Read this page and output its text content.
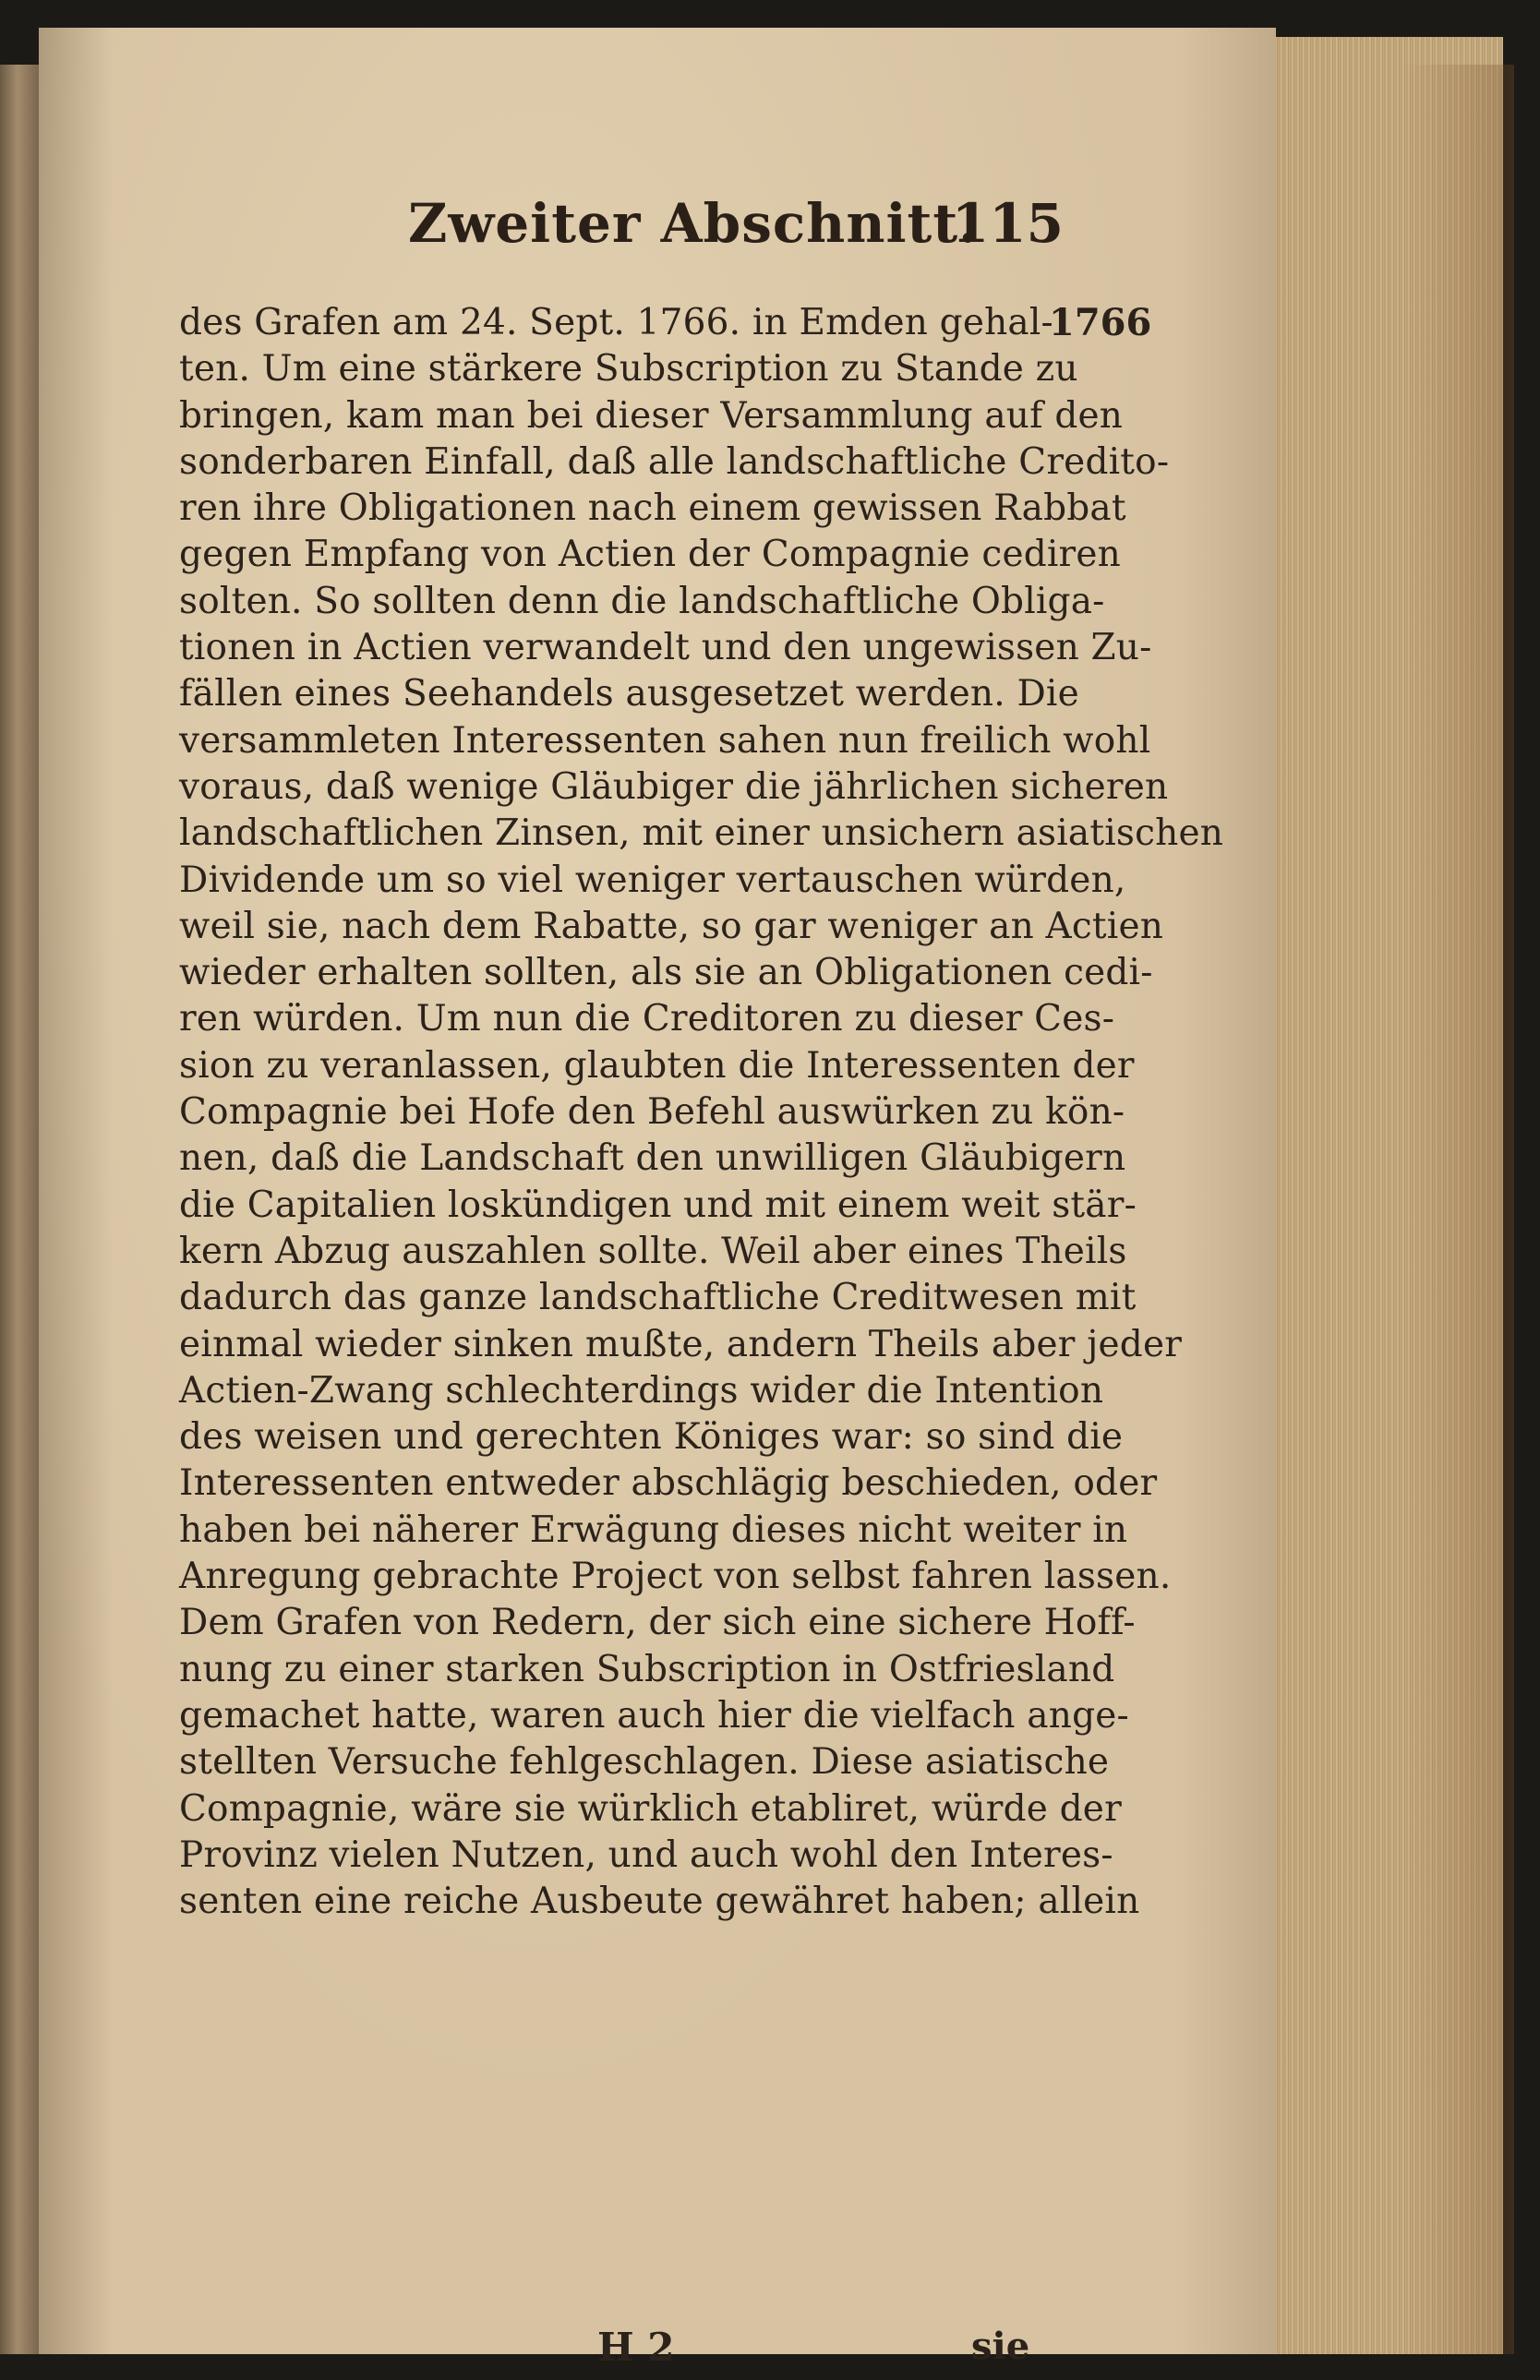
Zweiter Abschnitt.
115
1766
des Grafen am 24. Sept. 1766. in Emden gehal-
ten. Um eine stärkere Subscription zu Stande zu
bringen, kam man bei dieser Versammlung auf den
sonderbaren Einfall, daß alle landschaftliche Credito-
ren ihre Obligationen nach einem gewissen Rabbat
gegen Empfang von Actien der Compagnie cediren
solten. So sollten denn die landschaftliche Obliga-
tionen in Actien verwandelt und den ungewissen Zu-
fällen eines Seehandels ausgesetzet werden. Die
versammleten Interessenten sahen nun freilich wohl
voraus, daß wenige Gläubiger die jährlichen sicheren
landschaftlichen Zinsen, mit einer unsichern asiatischen
Dividende um so viel weniger vertauschen würden,
weil sie, nach dem Rabatte, so gar weniger an Actien
wieder erhalten sollten, als sie an Obligationen cedi-
ren würden. Um nun die Creditoren zu dieser Ces-
sion zu veranlassen, glaubten die Interessenten der
Compagnie bei Hofe den Befehl auswürken zu kön-
nen, daß die Landschaft den unwilligen Gläubigern
die Capitalien loskündigen und mit einem weit stär-
kern Abzug auszahlen sollte. Weil aber eines Theils
dadurch das ganze landschaftliche Creditwesen mit
einmal wieder sinken mußte, andern Theils aber jeder
Actien-Zwang schlechterdings wider die Intention
des weisen und gerechten Königes war: so sind die
Interessenten entweder abschlägig beschieden, oder
haben bei näherer Erwägung dieses nicht weiter in
Anregung gebrachte Project von selbst fahren lassen.
Dem Grafen von Redern, der sich eine sichere Hoff-
nung zu einer starken Subscription in Ostfriesland
gemachet hatte, waren auch hier die vielfach ange-
stellten Versuche fehlgeschlagen. Diese asiatische
Compagnie, wäre sie würklich etabliret, würde der
Provinz vielen Nutzen, und auch wohl den Interes-
senten eine reiche Ausbeute gewähret haben; allein
H 2	sie
